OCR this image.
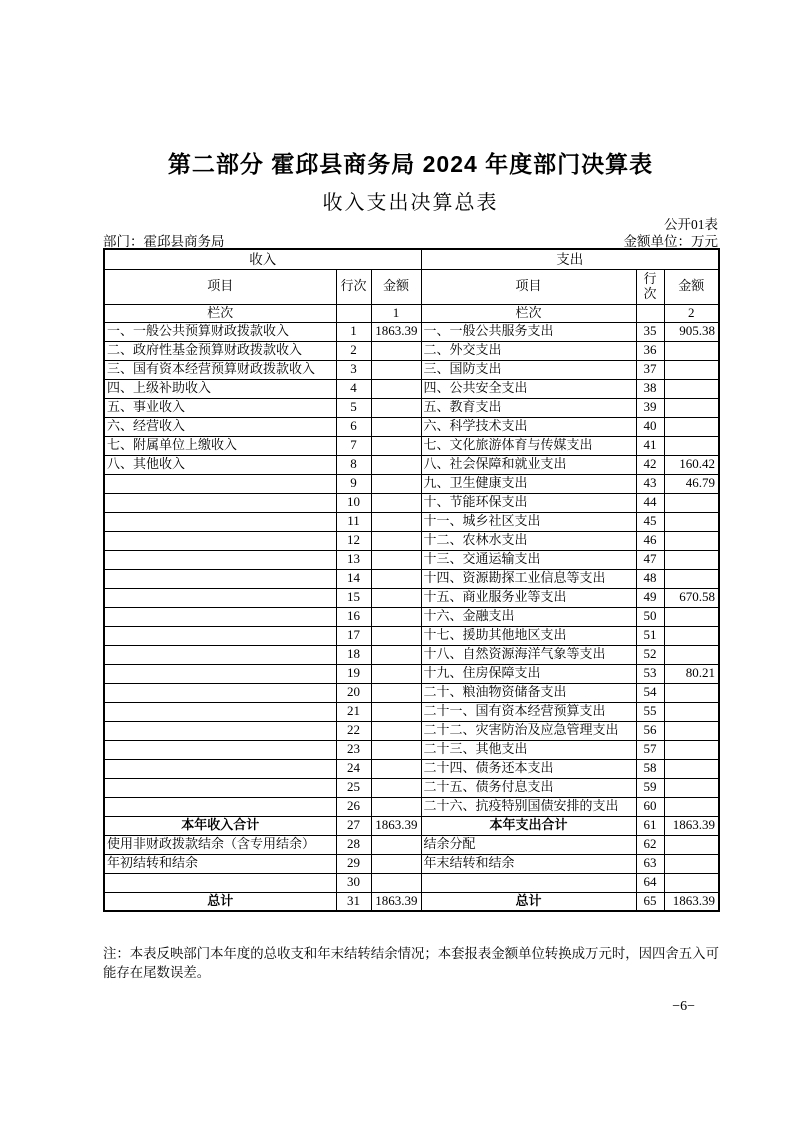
第二部分 霍邱县商务局 2024 年度部门决算表
收入支出决算总表
公开01表
部门：霍邱县商务局	金额单位：万元
收入			支出		
项目	行次	金额	项目	行次	金额
栏次		1	栏次		2
一、一般公共预算财政拨款收入	1	1863.39	一、一般公共服务支出	35	905.38
二、政府性基金预算财政拨款收入	2		二、外交支出	36	
三、国有资本经营预算财政拨款收入	3		三、国防支出	37	
四、上级补助收入	4		四、公共安全支出	38	
五、事业收入	5		五、教育支出	39	
六、经营收入	6		六、科学技术支出	40	
七、附属单位上缴收入	7		七、文化旅游体育与传媒支出	41	
八、其他收入	8		八、社会保障和就业支出	42	160.42
	9		九、卫生健康支出	43	46.79
	10		十、节能环保支出	44	
	11		十一、城乡社区支出	45	
	12		十二、农林水支出	46	
	13		十三、交通运输支出	47	
	14		十四、资源勘探工业信息等支出	48	
	15		十五、商业服务业等支出	49	670.58
	16		十六、金融支出	50	
	17		十七、援助其他地区支出	51	
	18		十八、自然资源海洋气象等支出	52	
	19		十九、住房保障支出	53	80.21
	20		二十、粮油物资储备支出	54	
	21		二十一、国有资本经营预算支出	55	
	22		二十二、灾害防治及应急管理支出	56	
	23		二十三、其他支出	57	
	24		二十四、债务还本支出	58	
	25		二十五、债务付息支出	59	
	26		二十六、抗疫特别国债安排的支出	60	
本年收入合计	27	1863.39	本年支出合计	61	1863.39
使用非财政拨款结余（含专用结余）	28		结余分配	62	
年初结转和结余	29		年末结转和结余	63	
	30			64	
总计	31	1863.39	总计	65	1863.39
注：本表反映部门本年度的总收支和年末结转结余情况；本套报表金额单位转换成万元时，因四舍五入可能存在尾数误差。
−6−
